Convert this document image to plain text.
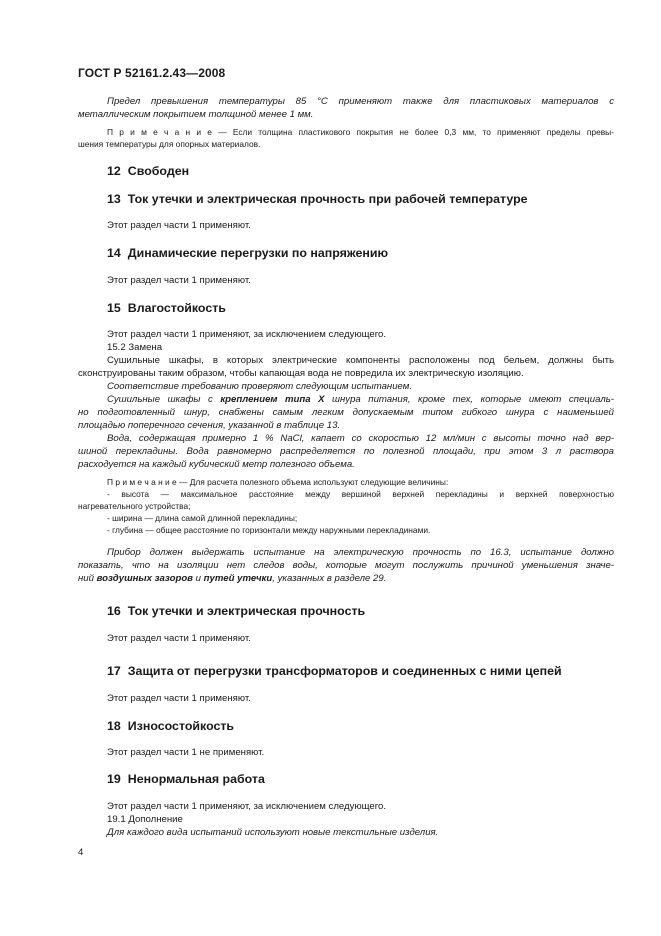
ГОСТ Р 52161.2.43—2008
Предел превышения температуры 85 °С применяют также для пластиковых материалов с
металлическим покрытием толщиной менее 1 мм.
П р и м е ч а н и е — Если толщина пластикового покрытия не более 0,3 мм, то применяют пределы превы-
шения температуры для опорных материалов.
12 Свободен
13 Ток утечки и электрическая прочность при рабочей температуре
Этот раздел части 1 применяют.
14 Динамические перегрузки по напряжению
Этот раздел части 1 применяют.
15 Влагостойкость
Этот раздел части 1 применяют, за исключением следующего.
15.2 Замена
Сушильные шкафы, в которых электрические компоненты расположены под бельем, должны быть
сконструированы таким образом, чтобы капающая вода не повредила их электрическую изоляцию.
Соответствие требованию проверяют следующим испытанием.
Сушильные шкафы с креплением типа X шнура питания, кроме тех, которые имеют специаль-
но подготовленный шнур, снабжены самым легким допускаемым типом гибкого шнура с наименьшей
площадью поперечного сечения, указанной в таблице 13.
Вода, содержащая примерно 1 % NaCl, капает со скоростью 12 мл/мин с высоты точно над вер-
шиной перекладины. Вода равномерно распределяется по полезной площади, при этом 3 л раствора
расходуется на каждый кубический метр полезного объема.
П р и м е ч а н и е — Для расчета полезного объема используют следующие величины:
- высота — максимальное расстояние между вершиной верхней перекладины и верхней поверхностью
нагревательного устройства;
- ширина — длина самой длинной перекладины;
- глубина — общее расстояние по горизонтали между наружными перекладинами.
Прибор должен выдержать испытание на электрическую прочность по 16.3, испытание должно
показать, что на изоляции нет следов воды, которые могут послужить причиной уменьшения значе-
ний воздушных зазоров и путей утечки, указанных в разделе 29.
16 Ток утечки и электрическая прочность
Этот раздел части 1 применяют.
17 Защита от перегрузки трансформаторов и соединенных с ними цепей
Этот раздел части 1 применяют.
18 Износостойкость
Этот раздел части 1 не применяют.
19 Ненормальная работа
Этот раздел части 1 применяют, за исключением следующего.
19.1 Дополнение
Для каждого вида испытаний используют новые текстильные изделия.
4
